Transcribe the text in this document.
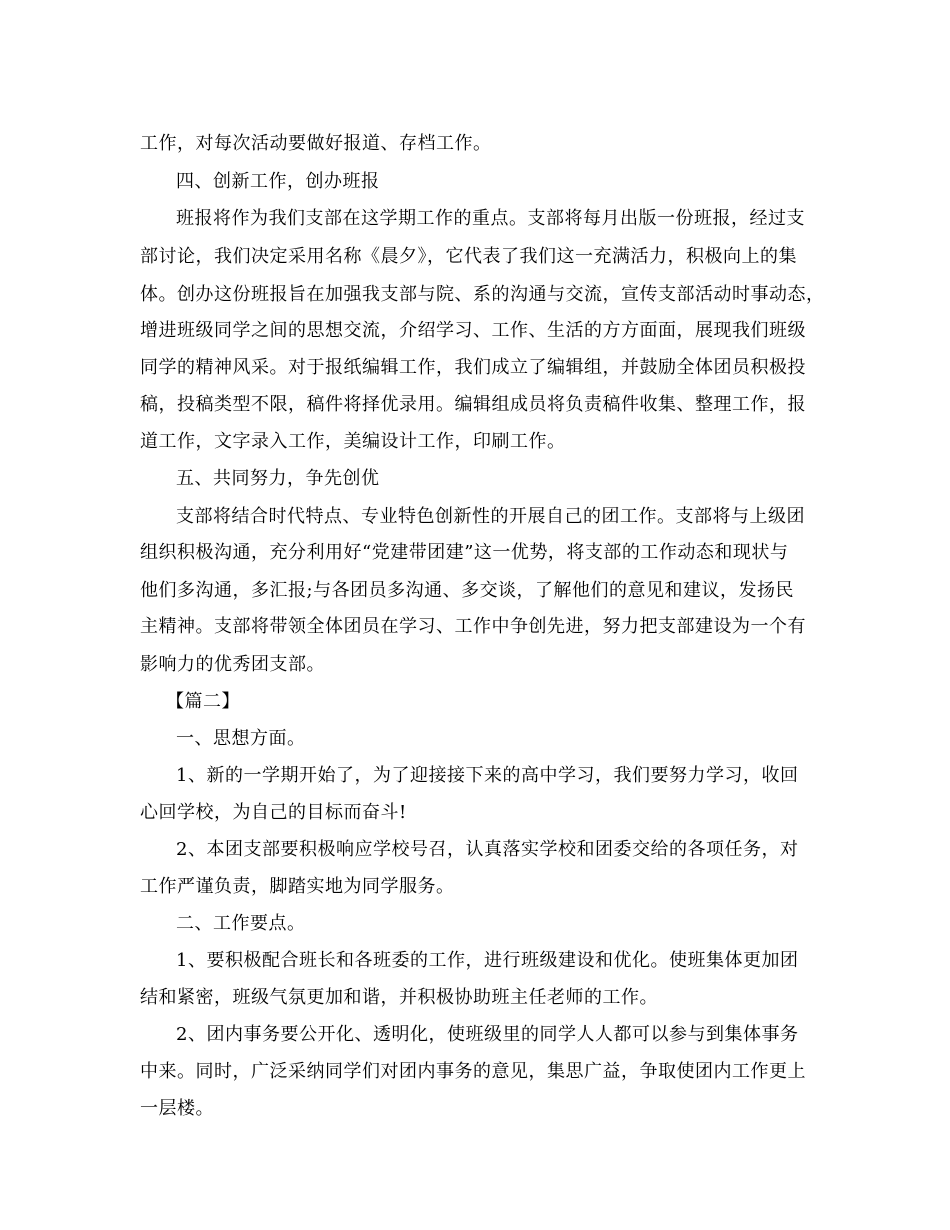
工作，对每次活动要做好报道、存档工作。
四、创新工作，创办班报
班报将作为我们支部在这学期工作的重点。支部将每月出版一份班报，经过支
部讨论，我们决定采用名称《晨夕》，它代表了我们这一充满活力，积极向上的集
体。创办这份班报旨在加强我支部与院、系的沟通与交流，宣传支部活动时事动态，
增进班级同学之间的思想交流，介绍学习、工作、生活的方方面面，展现我们班级
同学的精神风采。对于报纸编辑工作，我们成立了编辑组，并鼓励全体团员积极投
稿，投稿类型不限，稿件将择优录用。编辑组成员将负责稿件收集、整理工作，报
道工作，文字录入工作，美编设计工作，印刷工作。
五、共同努力，争先创优
支部将结合时代特点、专业特色创新性的开展自己的团工作。支部将与上级团
组织积极沟通，充分利用好“党建带团建”这一优势，将支部的工作动态和现状与
他们多沟通，多汇报;与各团员多沟通、多交谈，了解他们的意见和建议，发扬民
主精神。支部将带领全体团员在学习、工作中争创先进，努力把支部建设为一个有
影响力的优秀团支部。
【篇二】
一、思想方面。
1、新的一学期开始了，为了迎接接下来的高中学习，我们要努力学习，收回
心回学校，为自己的目标而奋斗!
2、本团支部要积极响应学校号召，认真落实学校和团委交给的各项任务，对
工作严谨负责，脚踏实地为同学服务。
二、工作要点。
1、要积极配合班长和各班委的工作，进行班级建设和优化。使班集体更加团
结和紧密，班级气氛更加和谐，并积极协助班主任老师的工作。
2、团内事务要公开化、透明化，使班级里的同学人人都可以参与到集体事务
中来。同时，广泛采纳同学们对团内事务的意见，集思广益，争取使团内工作更上
一层楼。
